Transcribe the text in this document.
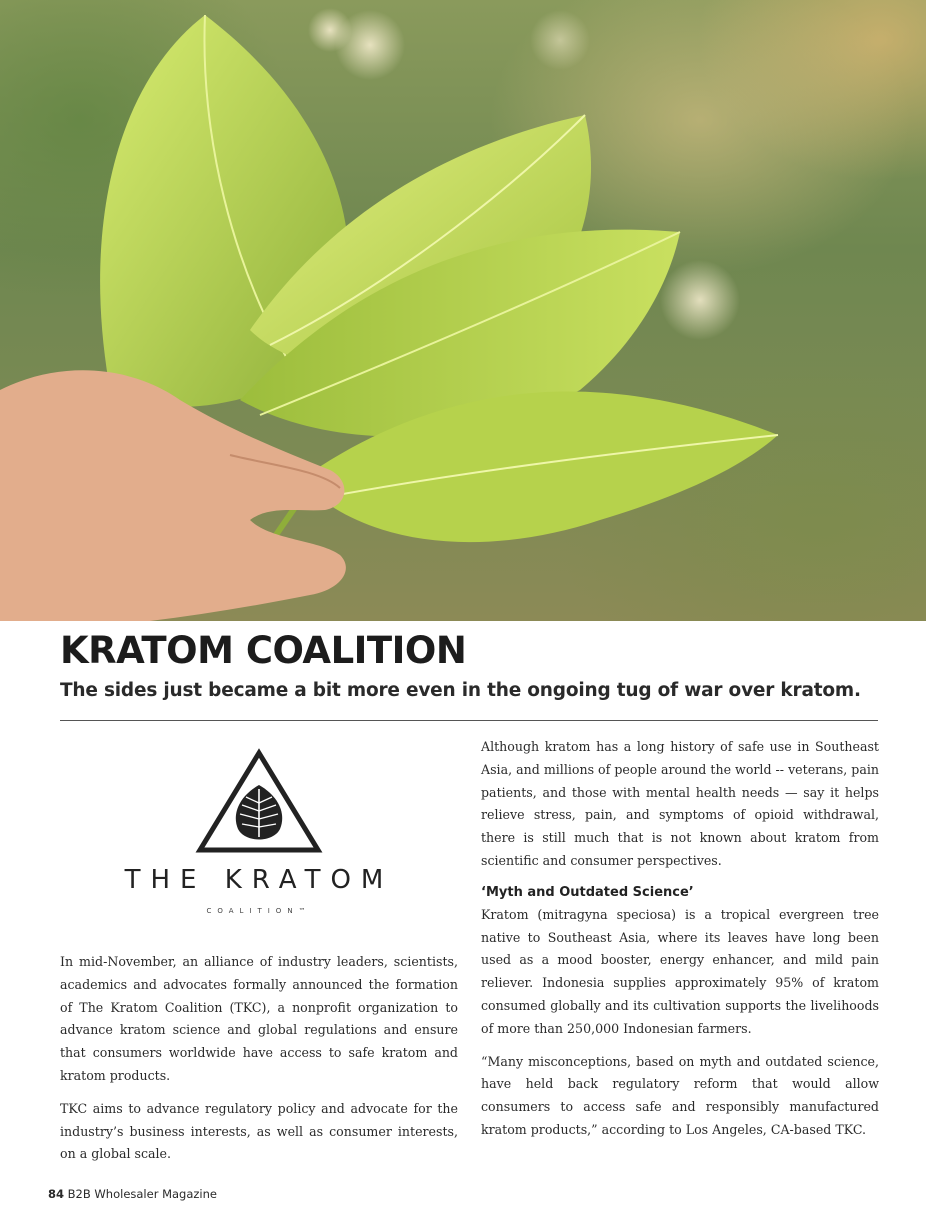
KRATOM COALITION
The sides just became a bit more even in the ongoing tug of war over kratom.
THE KRATOM
COALITION™

In mid-November, an alliance of industry leaders, scientists, academics and advocates formally announced the formation of The Kratom Coalition (TKC), a nonprofit organization to advance kratom science and global regulations and ensure that consumers worldwide have access to safe kratom and kratom products.

TKC aims to advance regulatory policy and advocate for the industry’s business interests, as well as consumer interests, on a global scale.

Although kratom has a long history of safe use in Southeast Asia, and millions of people around the world -- veterans, pain patients, and those with mental health needs — say it helps relieve stress, pain, and symptoms of opioid withdrawal, there is still much that is not known about kratom from scientific and consumer perspectives.

‘Myth and Outdated Science’

Kratom (mitragyna speciosa) is a tropical evergreen tree native to Southeast Asia, where its leaves have long been used as a mood booster, energy enhancer, and mild pain reliever. Indonesia supplies approximately 95% of kratom consumed globally and its cultivation supports the livelihoods of more than 250,000 Indonesian farmers.

“Many misconceptions, based on myth and outdated science, have held back regulatory reform that would allow consumers to access safe and responsibly manufactured kratom products,” according to Los Angeles, CA-based TKC.

84 B2B Wholesaler Magazine
